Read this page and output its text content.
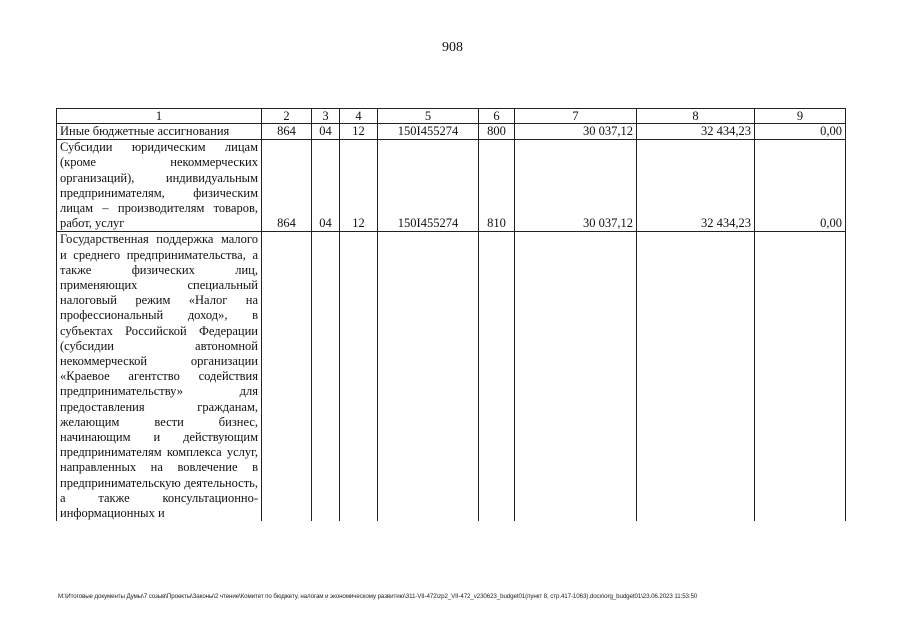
908
1	2	3	4	5	6	7	8	9
Иные бюджетные ассигнования	864	04	12	150I455274	800	30 037,12	32 434,23	0,00
Субсидии юридическим лицам (кроме некоммерческих организаций), индивидуальным предпринимателям, физическим лицам – производителям товаров, работ, услуг	864	04	12	150I455274	810	30 037,12	32 434,23	0,00
Государственная поддержка малого и среднего предпринимательства, а также физических лиц, применяющих специальный налоговый режим «Налог на профессиональный доход», в субъектах Российской Федерации (субсидии автономной некоммерческой организации «Краевое агентство содействия предпринимательству» для предоставления гражданам, желающим вести бизнес, начинающим и действующим предпринимателям комплекса услуг, направленных на вовлечение в предпринимательскую деятельность, а также консультационно-информационных и								
M:\Итоговые документы Думы\7 созыв\Проекты\Законы\2 чтение\Комитет по бюджету, налогам и экономическому развитию\311-VII-472\zp2_VII-472_v230623_budget01(пункт 8, стр.417-1063).docx\org_budget01\23.06.2023 11:53:50
